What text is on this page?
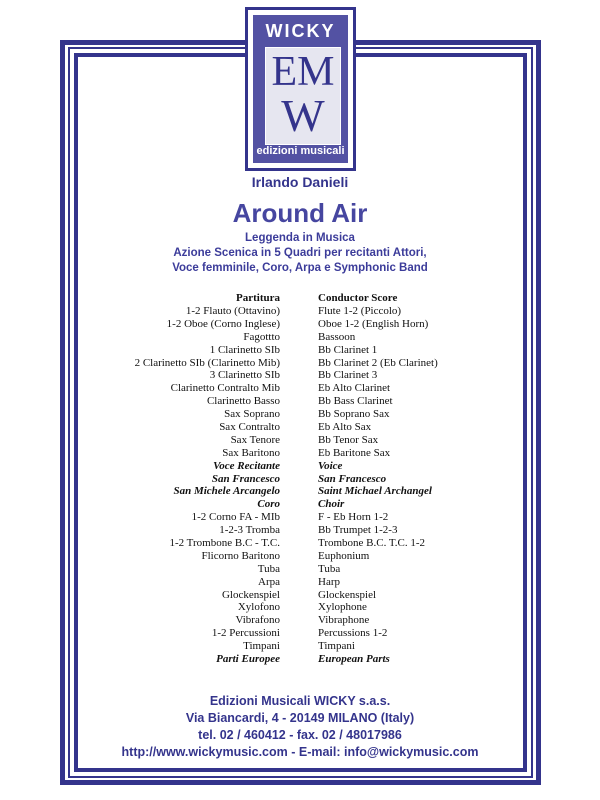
WICKY
EM
W
edizioni musicali
Irlando Danieli
Around Air
Leggenda in Musica
Azione Scenica in 5 Quadri per recitanti Attori,
Voce femminile, Coro, Arpa e Symphonic Band
Partitura	Conductor Score
1-2 Flauto (Ottavino)	Flute 1-2 (Piccolo)
1-2 Oboe (Corno Inglese)	Oboe 1-2 (English Horn)
Fagottto	Bassoon
1 Clarinetto SIb	Bb Clarinet 1
2 Clarinetto SIb (Clarinetto Mib)	Bb Clarinet 2 (Eb Clarinet)
3 Clarinetto SIb	Bb Clarinet 3
Clarinetto Contralto Mib	Eb Alto Clarinet
Clarinetto Basso	Bb Bass Clarinet
Sax Soprano	Bb Soprano Sax
Sax Contralto	Eb Alto Sax
Sax Tenore	Bb Tenor Sax
Sax Baritono	Eb Baritone Sax
Voce Recitante	Voice
San Francesco	San Francesco
San Michele Arcangelo	Saint Michael Archangel
Coro	Choir
1-2 Corno FA - MIb	F - Eb Horn 1-2
1-2-3 Tromba	Bb Trumpet 1-2-3
1-2 Trombone B.C - T.C.	Trombone B.C. T.C. 1-2
Flicorno Baritono	Euphonium
Tuba	Tuba
Arpa	Harp
Glockenspiel	Glockenspiel
Xylofono	Xylophone
Vibrafono	Vibraphone
1-2 Percussioni	Percussions 1-2
Timpani	Timpani
Parti Europee	European Parts
Edizioni Musicali WICKY s.a.s.
Via Biancardi, 4 - 20149 MILANO (Italy)
tel. 02 / 460412 - fax. 02 / 48017986
http://www.wickymusic.com - E-mail: info@wickymusic.com
